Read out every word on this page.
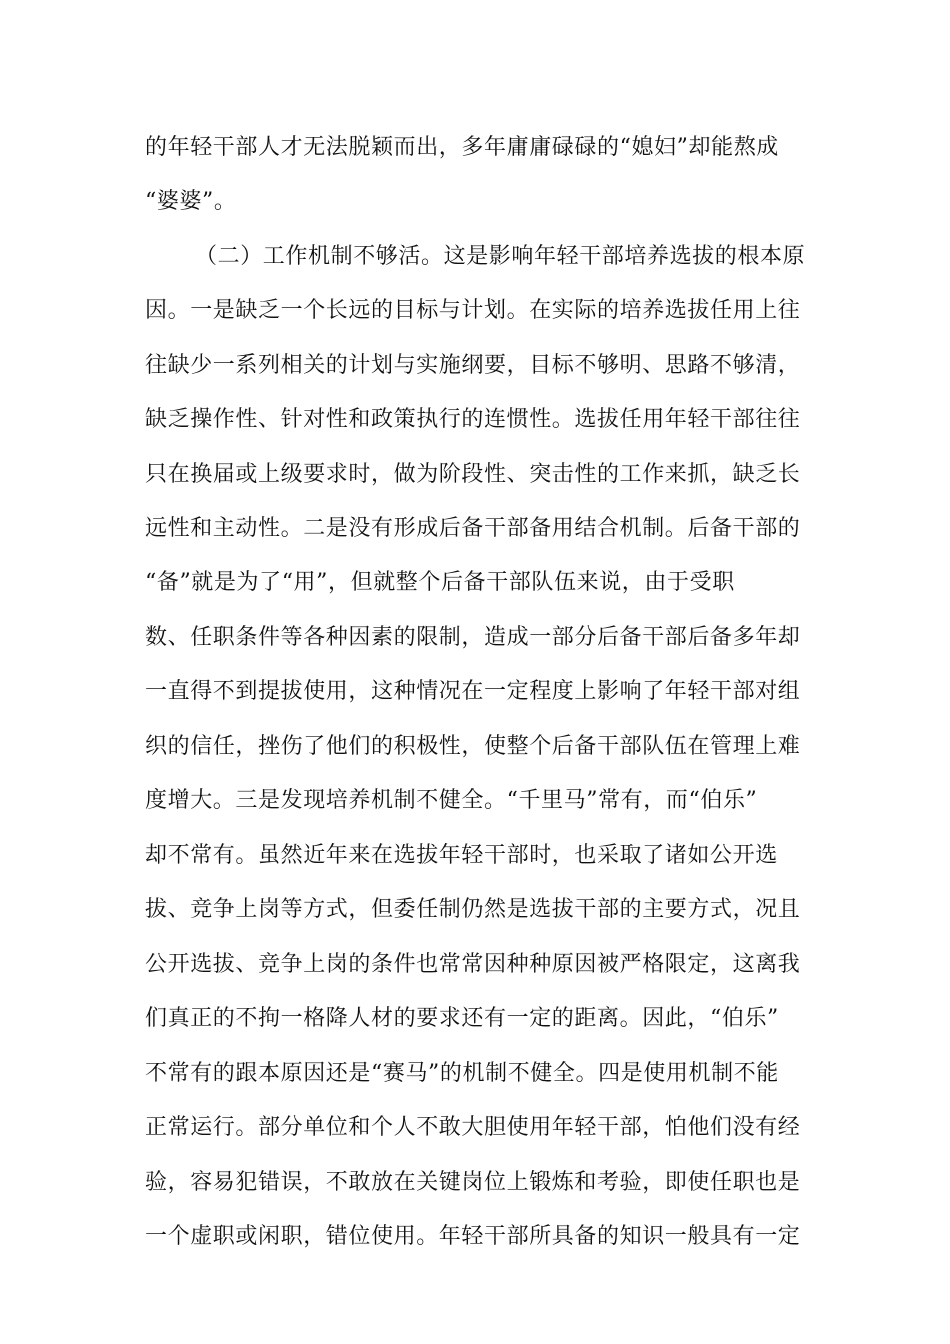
的年轻干部人才无法脱颖而出，多年庸庸碌碌的“媳妇”却能熬成
“婆婆”。
（二）工作机制不够活。这是影响年轻干部培养选拔的根本原
因。一是缺乏一个长远的目标与计划。在实际的培养选拔任用上往
往缺少一系列相关的计划与实施纲要，目标不够明、思路不够清，
缺乏操作性、针对性和政策执行的连惯性。选拔任用年轻干部往往
只在换届或上级要求时，做为阶段性、突击性的工作来抓，缺乏长
远性和主动性。二是没有形成后备干部备用结合机制。后备干部的
“备”就是为了“用”，但就整个后备干部队伍来说，由于受职
数、任职条件等各种因素的限制，造成一部分后备干部后备多年却
一直得不到提拔使用，这种情况在一定程度上影响了年轻干部对组
织的信任，挫伤了他们的积极性，使整个后备干部队伍在管理上难
度增大。三是发现培养机制不健全。“千里马”常有，而“伯乐”
却不常有。虽然近年来在选拔年轻干部时，也采取了诸如公开选
拔、竞争上岗等方式，但委任制仍然是选拔干部的主要方式，况且
公开选拔、竞争上岗的条件也常常因种种原因被严格限定，这离我
们真正的不拘一格降人材的要求还有一定的距离。因此，“伯乐”
不常有的跟本原因还是“赛马”的机制不健全。四是使用机制不能
正常运行。部分单位和个人不敢大胆使用年轻干部，怕他们没有经
验，容易犯错误，不敢放在关键岗位上锻炼和考验，即使任职也是
一个虚职或闲职，错位使用。年轻干部所具备的知识一般具有一定
